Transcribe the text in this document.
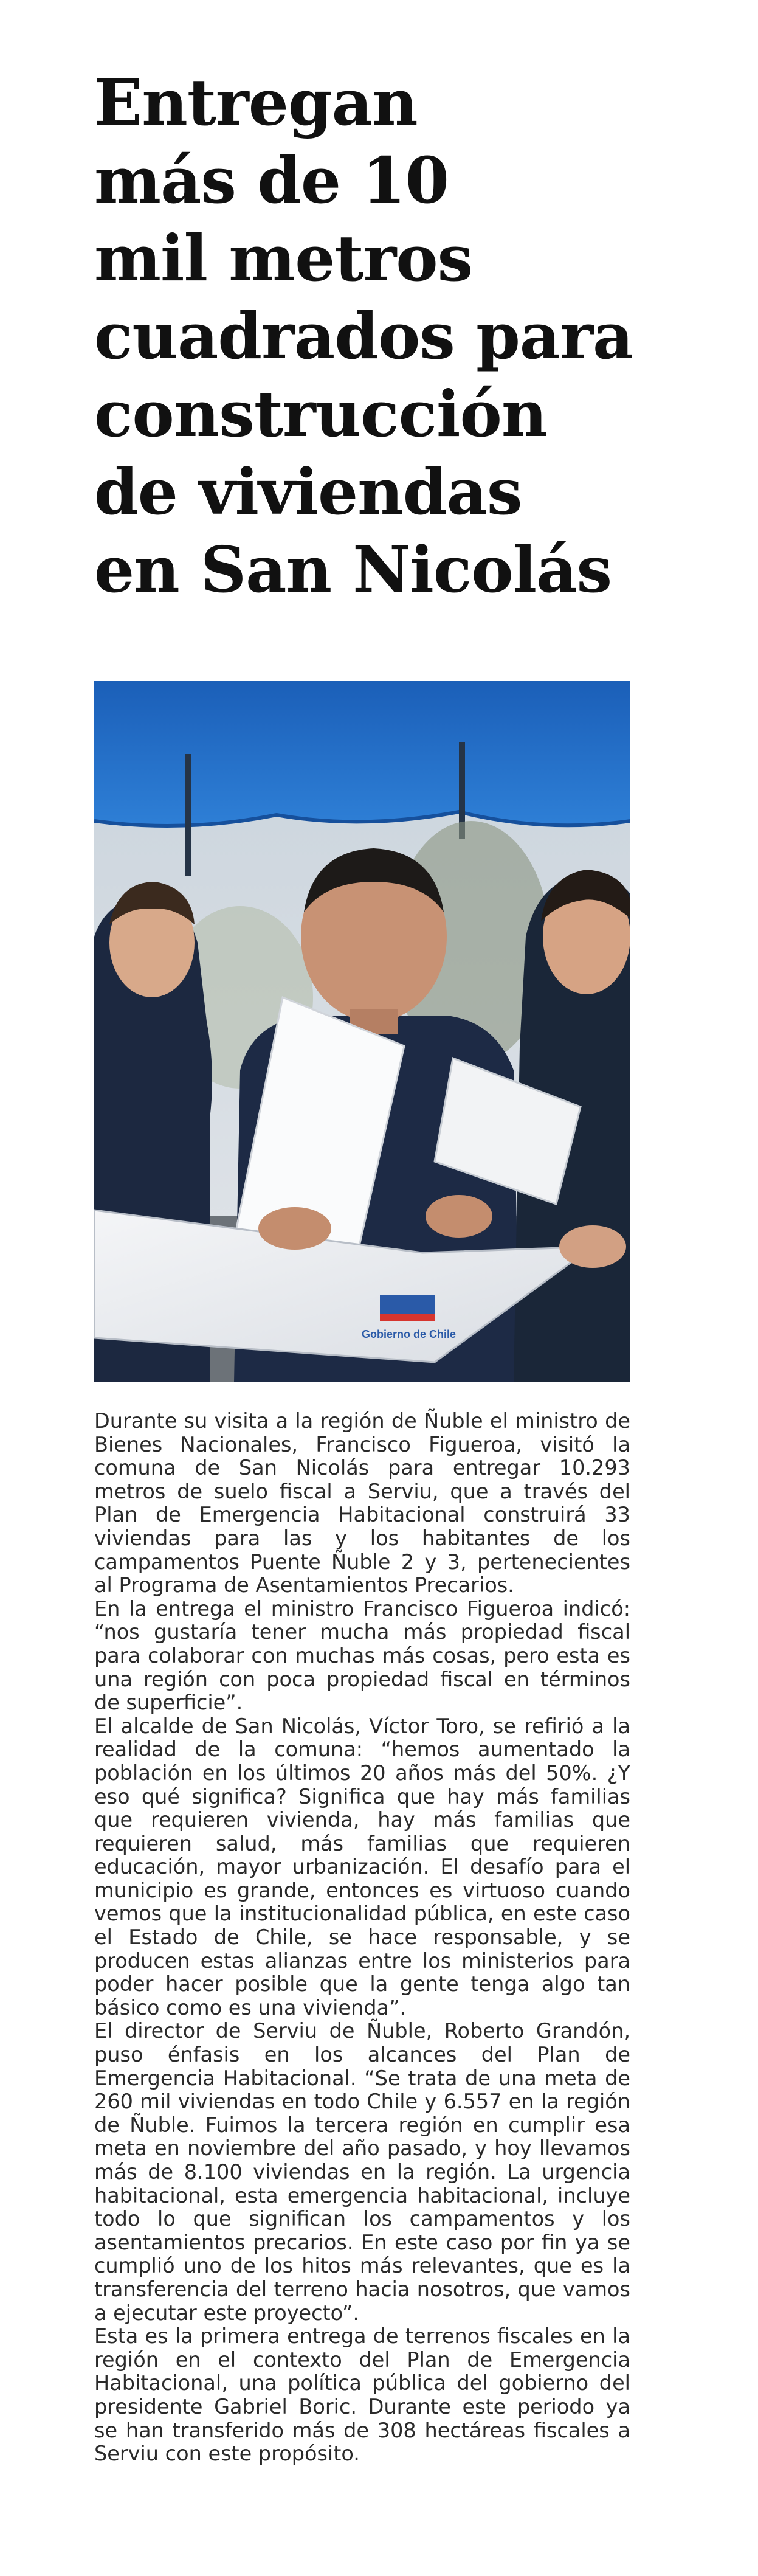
Entregan
más de 10
mil metros
cuadrados para
construcción
de viviendas
en San Nicolás
Gobierno de Chile

Durante su visita a la región de Ñuble el ministro de Bienes Nacionales, Francisco Figueroa, visitó la comuna de San Nicolás para entregar 10.293 metros de suelo fiscal a Serviu, que a través del Plan de Emergencia Habitacional construirá 33 viviendas para las y los habitantes de los campamentos Puente Ñuble 2 y 3, pertenecientes al Programa de Asentamientos Precarios.

En la entrega el ministro Francisco Figueroa indicó: “nos gustaría tener mucha más propiedad fiscal para colaborar con muchas más cosas, pero esta es una región con poca propiedad fiscal en términos de superficie”.

El alcalde de San Nicolás, Víctor Toro, se refirió a la realidad de la comuna: “hemos aumentado la población en los últimos 20 años más del 50%. ¿Y eso qué significa? Significa que hay más familias que requieren vivienda, hay más familias que requieren salud, más familias que requieren educación, mayor urbanización. El desafío para el municipio es grande, entonces es virtuoso cuando vemos que la institucionalidad pública, en este caso el Estado de Chile, se hace responsable, y se producen estas alianzas entre los ministerios para poder hacer posible que la gente tenga algo tan básico como es una vivienda”.

El director de Serviu de Ñuble, Roberto Grandón, puso énfasis en los alcances del Plan de Emergencia Habitacional. “Se trata de una meta de 260 mil viviendas en todo Chile y 6.557 en la región de Ñuble. Fuimos la tercera región en cumplir esa meta en noviembre del año pasado, y hoy llevamos más de 8.100 viviendas en la región. La urgencia habitacional, esta emergencia habitacional, incluye todo lo que significan los campamentos y los asentamientos precarios. En este caso por fin ya se cumplió uno de los hitos más relevantes, que es la transferencia del terreno hacia nosotros, que vamos a ejecutar este proyecto”.

Esta es la primera entrega de terrenos fiscales en la región en el contexto del Plan de Emergencia Habitacional, una política pública del gobierno del presidente Gabriel Boric. Durante este periodo ya se han transferido más de 308 hectáreas fiscales a Serviu con este propósito.
